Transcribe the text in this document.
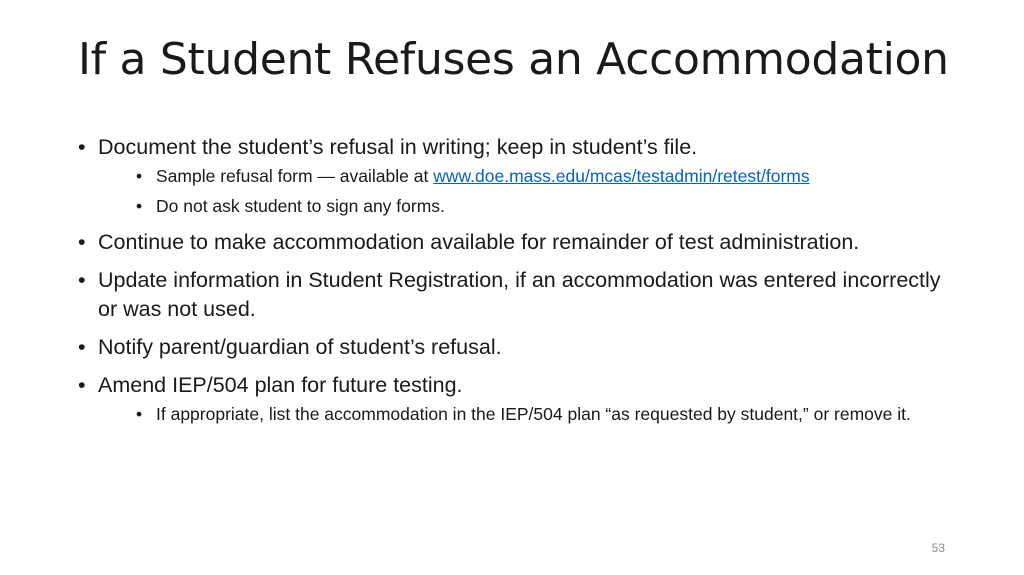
If a Student Refuses an Accommodation
• Document the student’s refusal in writing; keep in student’s file.
• Sample refusal form — available at www.doe.mass.edu/mcas/testadmin/retest/forms
• Do not ask student to sign any forms.
• Continue to make accommodation available for remainder of test administration.
• Update information in Student Registration, if an accommodation was entered incorrectly or was not used.
• Notify parent/guardian of student’s refusal.
• Amend IEP/504 plan for future testing.
• If appropriate, list the accommodation in the IEP/504 plan “as requested by student,” or remove it.
53
